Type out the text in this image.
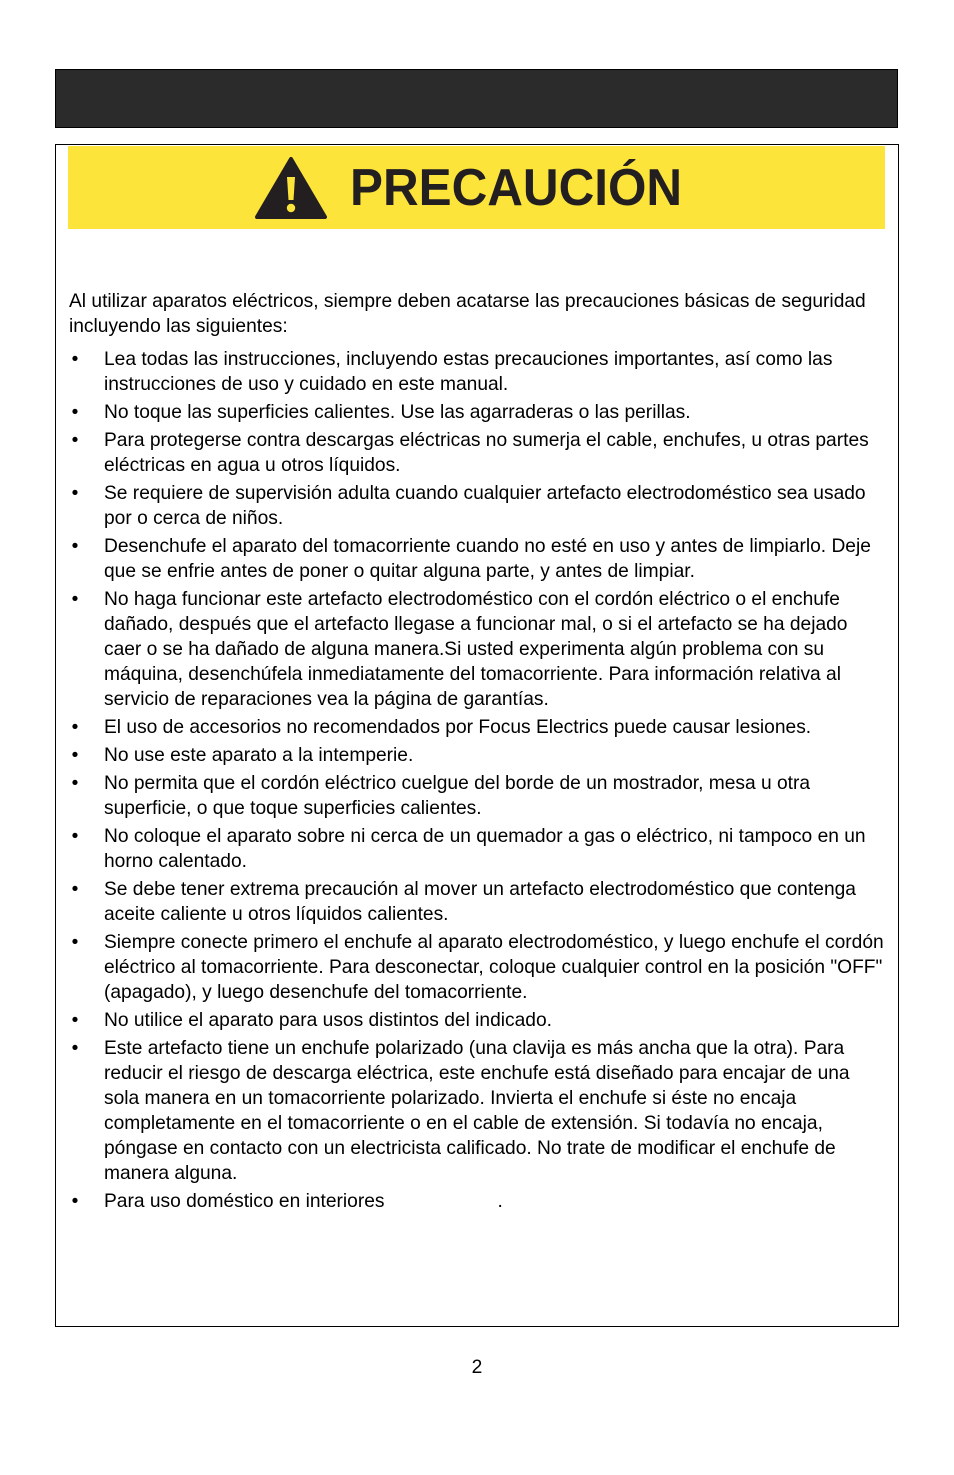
PRECAUCIÓN

Al utilizar aparatos eléctricos, siempre deben acatarse las precauciones básicas de seguridad incluyendo las siguientes:

• Lea todas las instrucciones, incluyendo estas precauciones importantes, así como las instrucciones de uso y cuidado en este manual.
• No toque las superficies calientes. Use las agarraderas o las perillas.
• Para protegerse contra descargas eléctricas no sumerja el cable, enchufes, u otras partes eléctricas en agua u otros líquidos.
• Se requiere de supervisión adulta cuando cualquier artefacto electrodoméstico sea usado por o cerca de niños.
• Desenchufe el aparato del tomacorriente cuando no esté en uso y antes de limpiarlo. Deje que se enfrie antes de poner o quitar alguna parte, y antes de limpiar.
• No haga funcionar este artefacto electrodoméstico con el cordón eléctrico o el enchufe dañado, después que el artefacto llegase a funcionar mal, o si el artefacto se ha dejado caer o se ha dañado de alguna manera.Si usted experimenta algún problema con su máquina, desenchúfela inmediatamente del tomacorriente. Para información relativa al servicio de reparaciones vea la página de garantías.
• El uso de accesorios no recomendados por Focus Electrics puede causar lesiones.
• No use este aparato a la intemperie.
• No permita que el cordón eléctrico cuelgue del borde de un mostrador, mesa u otra superficie, o que toque superficies calientes.
• No coloque el aparato sobre ni cerca de un quemador a gas o eléctrico, ni tampoco en un horno calentado.
• Se debe tener extrema precaución al mover un artefacto electrodoméstico que contenga aceite caliente u otros líquidos calientes.
• Siempre conecte primero el enchufe al aparato electrodoméstico, y luego enchufe el cordón eléctrico al tomacorriente. Para desconectar, coloque cualquier control en la posición "OFF" (apagado), y luego desenchufe del tomacorriente.
• No utilice el aparato para usos distintos del indicado.
• Este artefacto tiene un enchufe polarizado (una clavija es más ancha que la otra). Para reducir el riesgo de descarga eléctrica, este enchufe está diseñado para encajar de una sola manera en un tomacorriente polarizado. Invierta el enchufe si éste no encaja completamente en el tomacorriente o en el cable de extensión. Si todavía no encaja, póngase en contacto con un electricista calificado. No trate de modificar el enchufe de manera alguna.
• Para uso doméstico en interiores	.
2
